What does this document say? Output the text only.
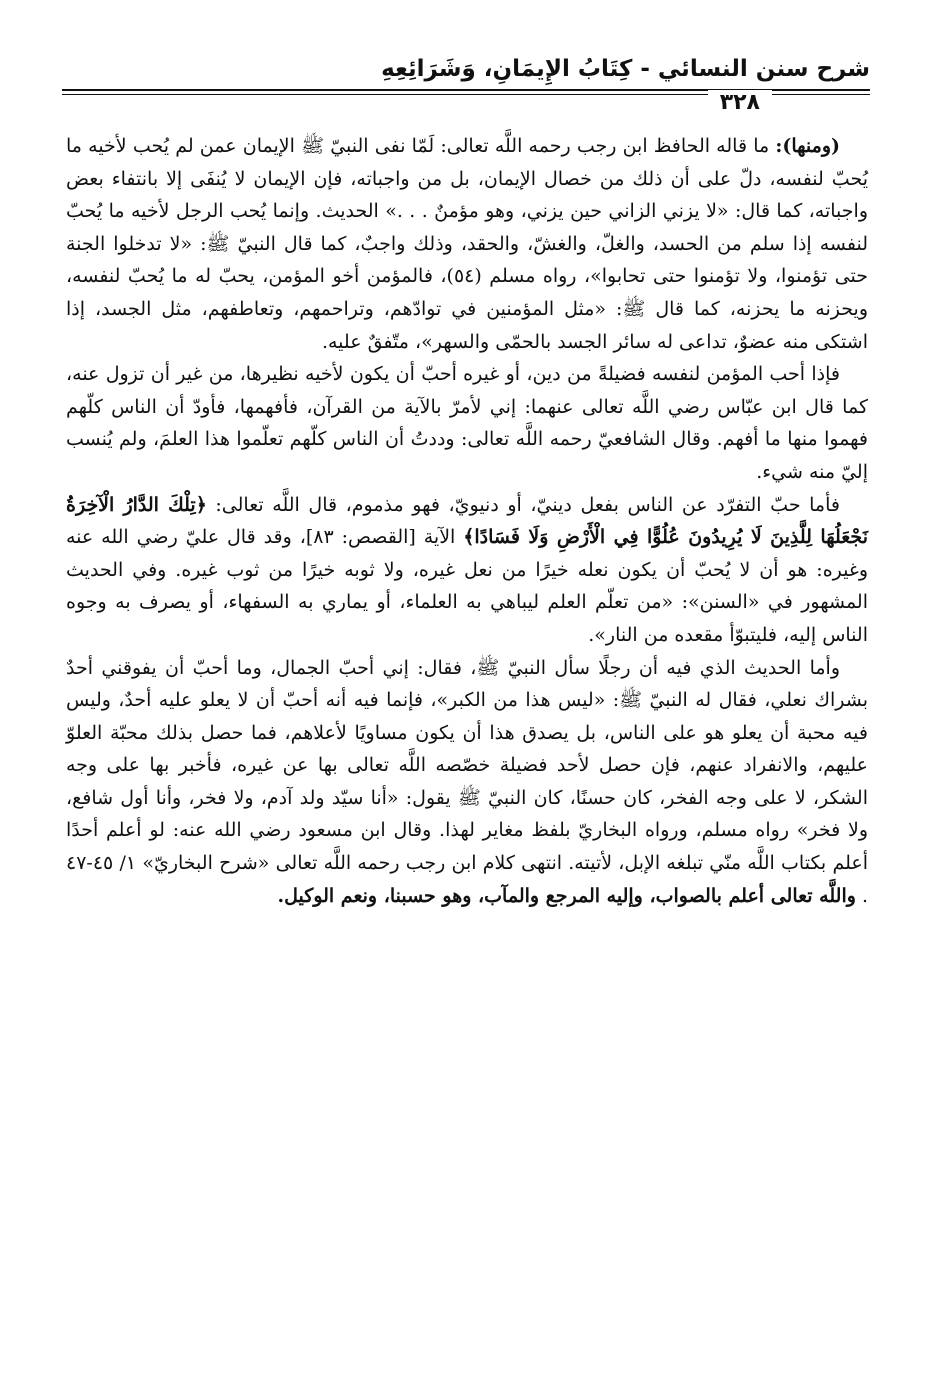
شرح سنن النسائي - كِتَابُ الإِيمَانِ، وَشَرَائِعِهِ
٣٢٨

(ومنها): ما قاله الحافظ ابن رجب رحمه اللَّه تعالى: لَمّا نفى النبيّ ﷺ الإيمان عمن لم يُحب لأخيه ما يُحبّ لنفسه، دلّ على أن ذلك من خصال الإيمان، بل من واجباته، فإن الإيمان لا يُنفَى إلا بانتفاء بعض واجباته، كما قال: «لا يزني الزاني حين يزني، وهو مؤمنٌ . . .» الحديث. وإنما يُحب الرجل لأخيه ما يُحبّ لنفسه إذا سلم من الحسد، والغلّ، والغشّ، والحقد، وذلك واجبٌ، كما قال النبيّ ﷺ: «لا تدخلوا الجنة حتى تؤمنوا، ولا تؤمنوا حتى تحابوا»، رواه مسلم (٥٤)، فالمؤمن أخو المؤمن، يحبّ له ما يُحبّ لنفسه، ويحزنه ما يحزنه، كما قال ﷺ: «مثل المؤمنين في توادّهم، وتراحمهم، وتعاطفهم، مثل الجسد، إذا اشتكى منه عضوٌ، تداعى له سائر الجسد بالحمّى والسهر»، متّفقٌ عليه.

فإذا أحب المؤمن لنفسه فضيلةً من دين، أو غيره أحبّ أن يكون لأخيه نظيرها، من غير أن تزول عنه، كما قال ابن عبّاس رضي اللَّه تعالى عنهما: إني لأمرّ بالآية من القرآن، فأفهمها، فأودّ أن الناس كلّهم فهموا منها ما أفهم. وقال الشافعيّ رحمه اللَّه تعالى: وددتُ أن الناس كلّهم تعلّموا هذا العلمَ، ولم يُنسب إليّ منه شيء.

فأما حبّ التفرّد عن الناس بفعل دينيّ، أو دنيويّ، فهو مذموم، قال اللَّه تعالى: ﴿تِلْكَ الدَّارُ الْآخِرَةُ نَجْعَلُهَا لِلَّذِينَ لَا يُرِيدُونَ عُلُوًّا فِي الْأَرْضِ وَلَا فَسَادًا﴾ الآية [القصص: ٨٣]، وقد قال عليّ رضي الله عنه وغيره: هو أن لا يُحبّ أن يكون نعله خيرًا من نعل غيره، ولا ثوبه خيرًا من ثوب غيره. وفي الحديث المشهور في «السنن»: «من تعلّم العلم ليباهي به العلماء، أو يماري به السفهاء، أو يصرف به وجوه الناس إليه، فليتبوّأ مقعده من النار».

وأما الحديث الذي فيه أن رجلًا سأل النبيّ ﷺ، فقال: إني أحبّ الجمال، وما أحبّ أن يفوقني أحدٌ بشراك نعلي، فقال له النبيّ ﷺ: «ليس هذا من الكبر»، فإنما فيه أنه أحبّ أن لا يعلو عليه أحدٌ، وليس فيه محبة أن يعلو هو على الناس، بل يصدق هذا أن يكون مساويًا لأعلاهم، فما حصل بذلك محبّة العلوّ عليهم، والانفراد عنهم، فإن حصل لأحد فضيلة خصّصه اللَّه تعالى بها عن غيره، فأخبر بها على وجه الشكر، لا على وجه الفخر، كان حسنًا، كان النبيّ ﷺ يقول: «أنا سيّد ولد آدم، ولا فخر، وأنا أول شافع، ولا فخر» رواه مسلم، ورواه البخاريّ بلفظ مغاير لهذا. وقال ابن مسعود رضي الله عنه: لو أعلم أحدًا أعلم بكتاب اللَّه منّي تبلغه الإبل، لأتيته. انتهى كلام ابن رجب رحمه اللَّه تعالى «شرح البخاريّ» ١/ ٤٥-٤٧ . واللَّه تعالى أعلم بالصواب، وإليه المرجع والمآب، وهو حسبنا، ونعم الوكيل.
